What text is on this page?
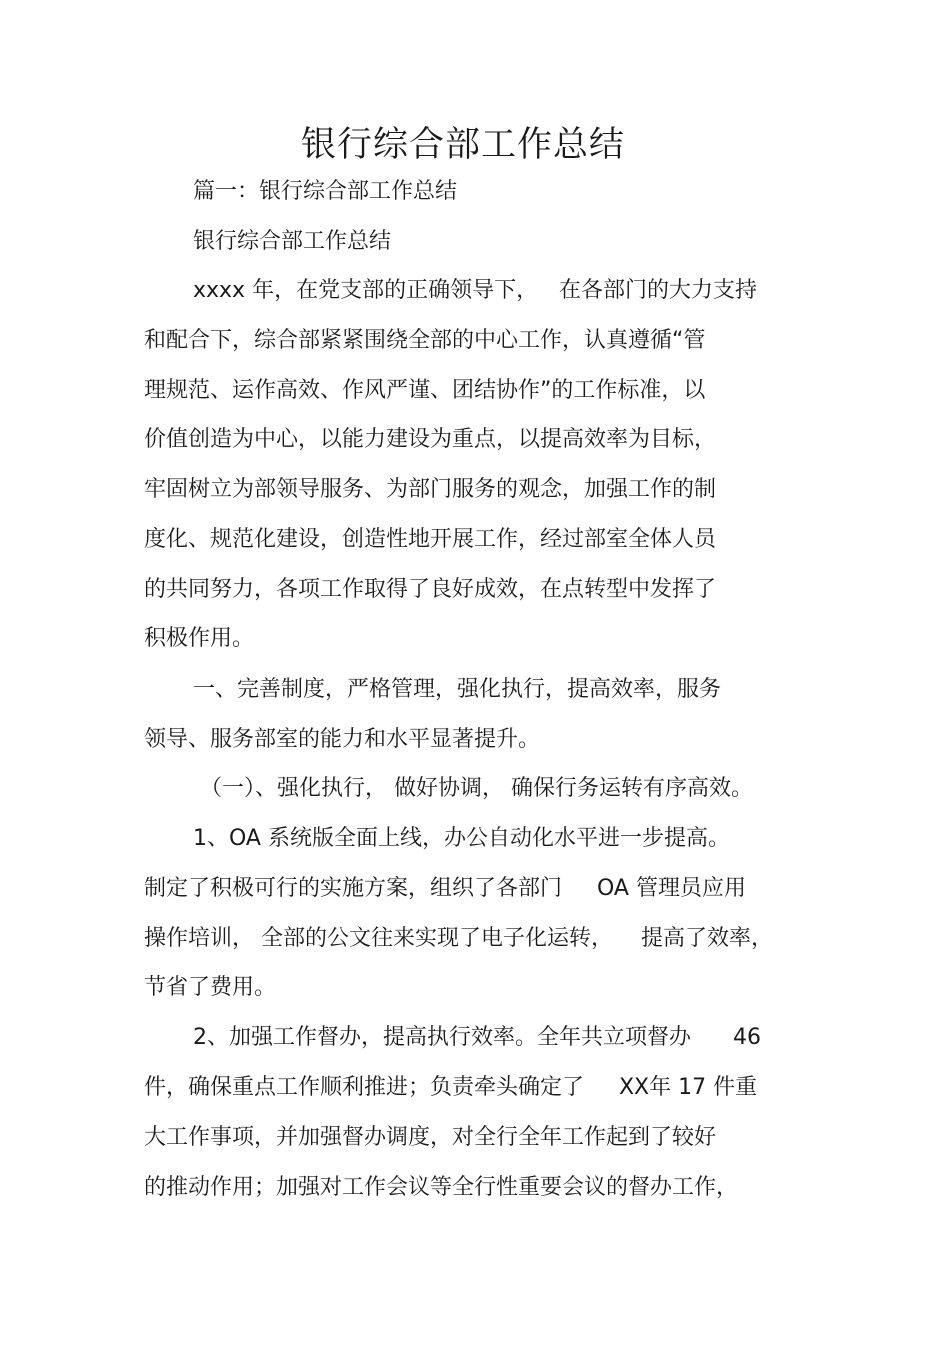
银行综合部工作总结
篇一：银行综合部工作总结
银行综合部工作总结
xxxx 年，在党支部的正确领导下，   在各部门的大力支持
和配合下，综合部紧紧围绕全部的中心工作，认真遵循“管
理规范、运作高效、作风严谨、团结协作”的工作标准，以
价值创造为中心，以能力建设为重点，以提高效率为目标，
牢固树立为部领导服务、为部门服务的观念，加强工作的制
度化、规范化建设，创造性地开展工作，经过部室全体人员
的共同努力，各项工作取得了良好成效，在点转型中发挥了
积极作用。
一、完善制度，严格管理，强化执行，提高效率，服务
领导、服务部室的能力和水平显著提升。
（一）、强化执行， 做好协调， 确保行务运转有序高效。
1、OA 系统版全面上线，办公自动化水平进一步提高。
制定了积极可行的实施方案，组织了各部门     OA 管理员应用
操作培训， 全部的公文往来实现了电子化运转，    提高了效率，
节省了费用。
2、加强工作督办，提高执行效率。全年共立项督办      46
件，确保重点工作顺利推进；负责牵头确定了     XX年 17 件重
大工作事项，并加强督办调度，对全行全年工作起到了较好
的推动作用；加强对工作会议等全行性重要会议的督办工作，
